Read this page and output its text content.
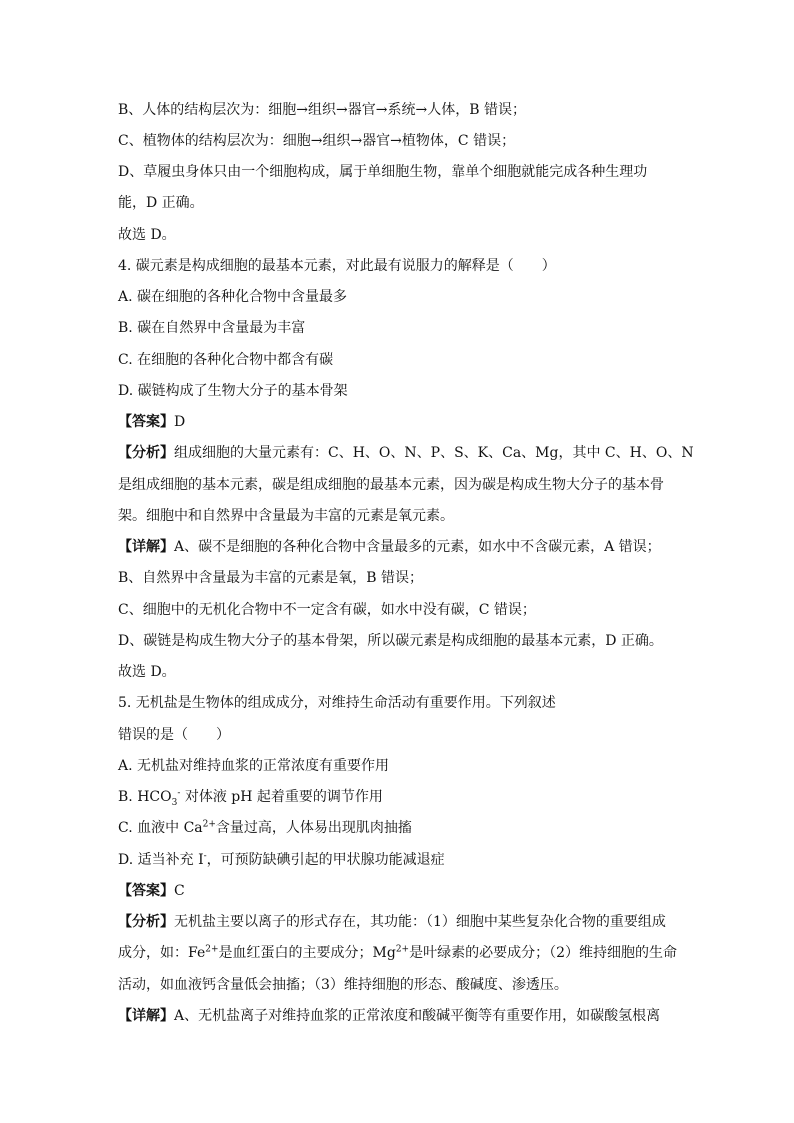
B、人体的结构层次为：细胞→组织→器官→系统→人体，B 错误；
C、植物体的结构层次为：细胞→组织→器官→植物体，C 错误；
D、草履虫身体只由一个细胞构成，属于单细胞生物，靠单个细胞就能完成各种生理功
能，D 正确。
故选 D。
4. 碳元素是构成细胞的最基本元素，对此最有说服力的解释是（　　）
A. 碳在细胞的各种化合物中含量最多
B. 碳在自然界中含量最为丰富
C. 在细胞的各种化合物中都含有碳
D. 碳链构成了生物大分子的基本骨架
【答案】D
【分析】组成细胞的大量元素有：C、H、O、N、P、S、K、Ca、Mg，其中 C、H、O、N
是组成细胞的基本元素，碳是组成细胞的最基本元素，因为碳是构成生物大分子的基本骨
架。细胞中和自然界中含量最为丰富的元素是氧元素。
【详解】A、碳不是细胞的各种化合物中含量最多的元素，如水中不含碳元素，A 错误；
B、自然界中含量最为丰富的元素是氧，B 错误；
C、细胞中的无机化合物中不一定含有碳，如水中没有碳，C 错误；
D、碳链是构成生物大分子的基本骨架，所以碳元素是构成细胞的最基本元素，D 正确。
故选 D。
5. 无机盐是生物体的组成成分，对维持生命活动有重要作用。下列叙述
错误的是（　　）
A. 无机盐对维持血浆的正常浓度有重要作用
B. $HCO_3^-$ 对体液 pH 起着重要的调节作用
C. 血液中 $Ca^{2+}$含量过高，人体易出现肌肉抽搐
D. 适当补充 I-，可预防缺碘引起的甲状腺功能减退症
【答案】C
【分析】无机盐主要以离子的形式存在，其功能：（1）细胞中某些复杂化合物的重要组成
成分，如：$Fe^{2+}$是血红蛋白的主要成分；$Mg^{2+}$是叶绿素的必要成分；（2）维持细胞的生命
活动，如血液钙含量低会抽搐；（3）维持细胞的形态、酸碱度、渗透压。
【详解】A、无机盐离子对维持血浆的正常浓度和酸碱平衡等有重要作用，如碳酸氢根离
